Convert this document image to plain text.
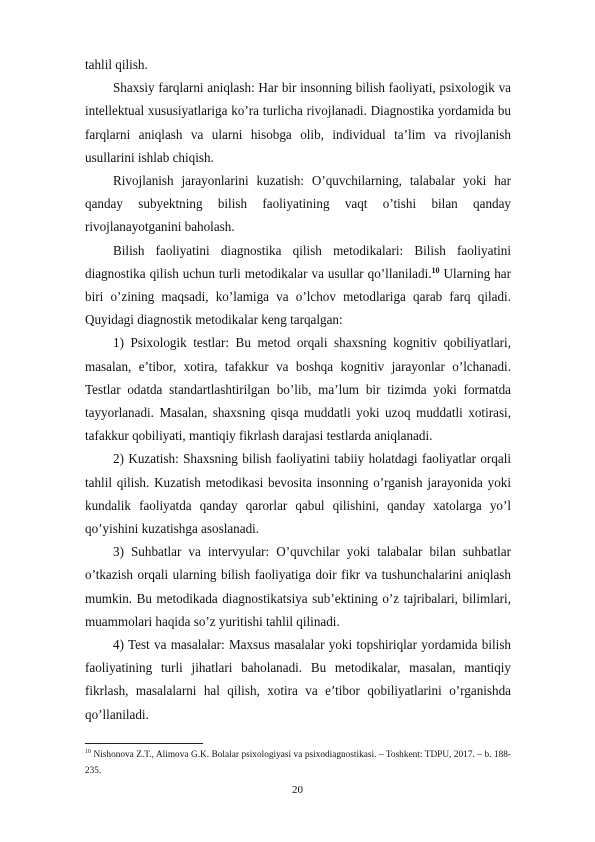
tahlil qilish.

Shaxsiy farqlarni aniqlash: Har bir insonning bilish faoliyati, psixologik va intellektual xususiyatlariga ko’ra turlicha rivojlanadi. Diagnostika yordamida bu farqlarni aniqlash va ularni hisobga olib, individual ta’lim va rivojlanish usullarini ishlab chiqish.

Rivojlanish jarayonlarini kuzatish: O’quvchilarning, talabalar yoki har qanday subyektning bilish faoliyatining vaqt o’tishi bilan qanday rivojlanayotganini baholash.

Bilish faoliyatini diagnostika qilish metodikalari: Bilish faoliyatini diagnostika qilish uchun turli metodikalar va usullar qo’llaniladi.$^{10}$ Ularning har biri o’zining maqsadi, ko’lamiga va o’lchov metodlariga qarab farq qiladi. Quyidagi diagnostik metodikalar keng tarqalgan:

1) Psixologik testlar: Bu metod orqali shaxsning kognitiv qobiliyatlari, masalan, e’tibor, xotira, tafakkur va boshqa kognitiv jarayonlar o’lchanadi. Testlar odatda standartlashtirilgan bo’lib, ma’lum bir tizimda yoki formatda tayyorlanadi. Masalan, shaxsning qisqa muddatli yoki uzoq muddatli xotirasi, tafakkur qobiliyati, mantiqiy fikrlash darajasi testlarda aniqlanadi.

2) Kuzatish: Shaxsning bilish faoliyatini tabiiy holatdagi faoliyatlar orqali tahlil qilish. Kuzatish metodikasi bevosita insonning o’rganish jarayonida yoki kundalik faoliyatda qanday qarorlar qabul qilishini, qanday xatolarga yo’l qo’yishini kuzatishga asoslanadi.

3) Suhbatlar va intervyular: O’quvchilar yoki talabalar bilan suhbatlar o’tkazish orqali ularning bilish faoliyatiga doir fikr va tushunchalarini aniqlash mumkin. Bu metodikada diagnostikatsiya sub’ektining o’z tajribalari, bilimlari, muammolari haqida so’z yuritishi tahlil qilinadi.

4) Test va masalalar: Maxsus masalalar yoki topshiriqlar yordamida bilish faoliyatining turli jihatlari baholanadi. Bu metodikalar, masalan, mantiqiy fikrlash, masalalarni hal qilish, xotira va e’tibor qobiliyatlarini o’rganishda qo’llaniladi.

$^{10}$ Nishonova Z.T., Alimova G.K. Bolalar psixologiyasi va psixodiagnostikasi. – Toshkent: TDPU, 2017. – b. 188-235.
20
